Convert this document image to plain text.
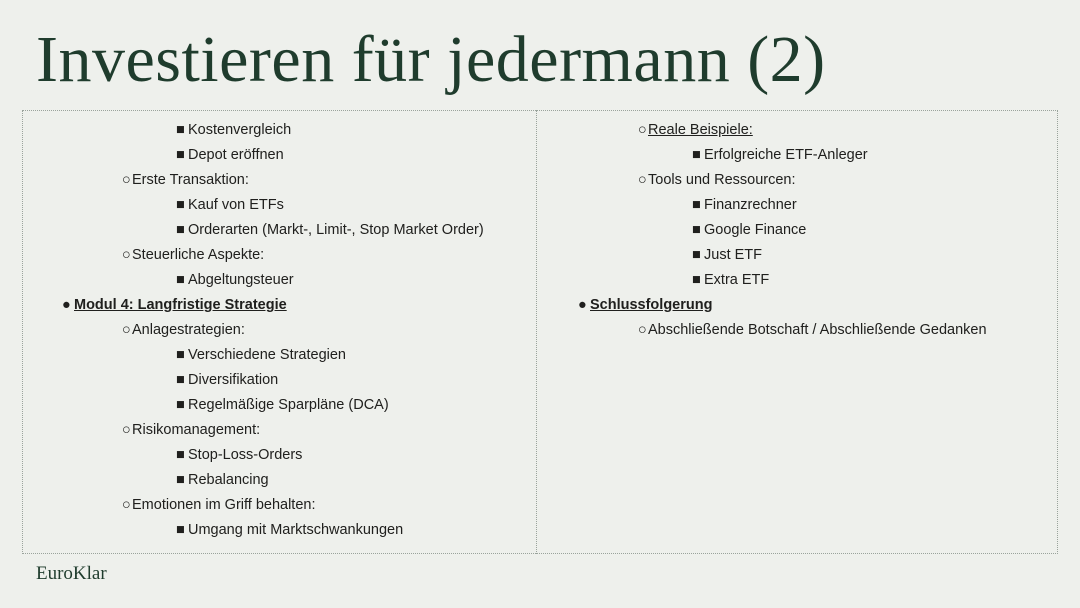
Investieren für jedermann (2)
■ Kostenvergleich
■ Depot eröffnen
○ Erste Transaktion:
■ Kauf von ETFs
■ Orderarten (Markt-, Limit-, Stop Market Order)
○ Steuerliche Aspekte:
■ Abgeltungsteuer
● Modul 4: Langfristige Strategie
○ Anlagestrategien:
■ Verschiedene Strategien
■ Diversifikation
■ Regelmäßige Sparpläne (DCA)
○ Risikomanagement:
■ Stop-Loss-Orders
■ Rebalancing
○ Emotionen im Griff behalten:
■ Umgang mit Marktschwankungen
○ Reale Beispiele:
■ Erfolgreiche ETF-Anleger
○ Tools und Ressourcen:
■ Finanzrechner
■ Google Finance
■ Just ETF
■ Extra ETF
● Schlussfolgerung
○ Abschließende Botschaft / Abschließende Gedanken
EuroKlar
